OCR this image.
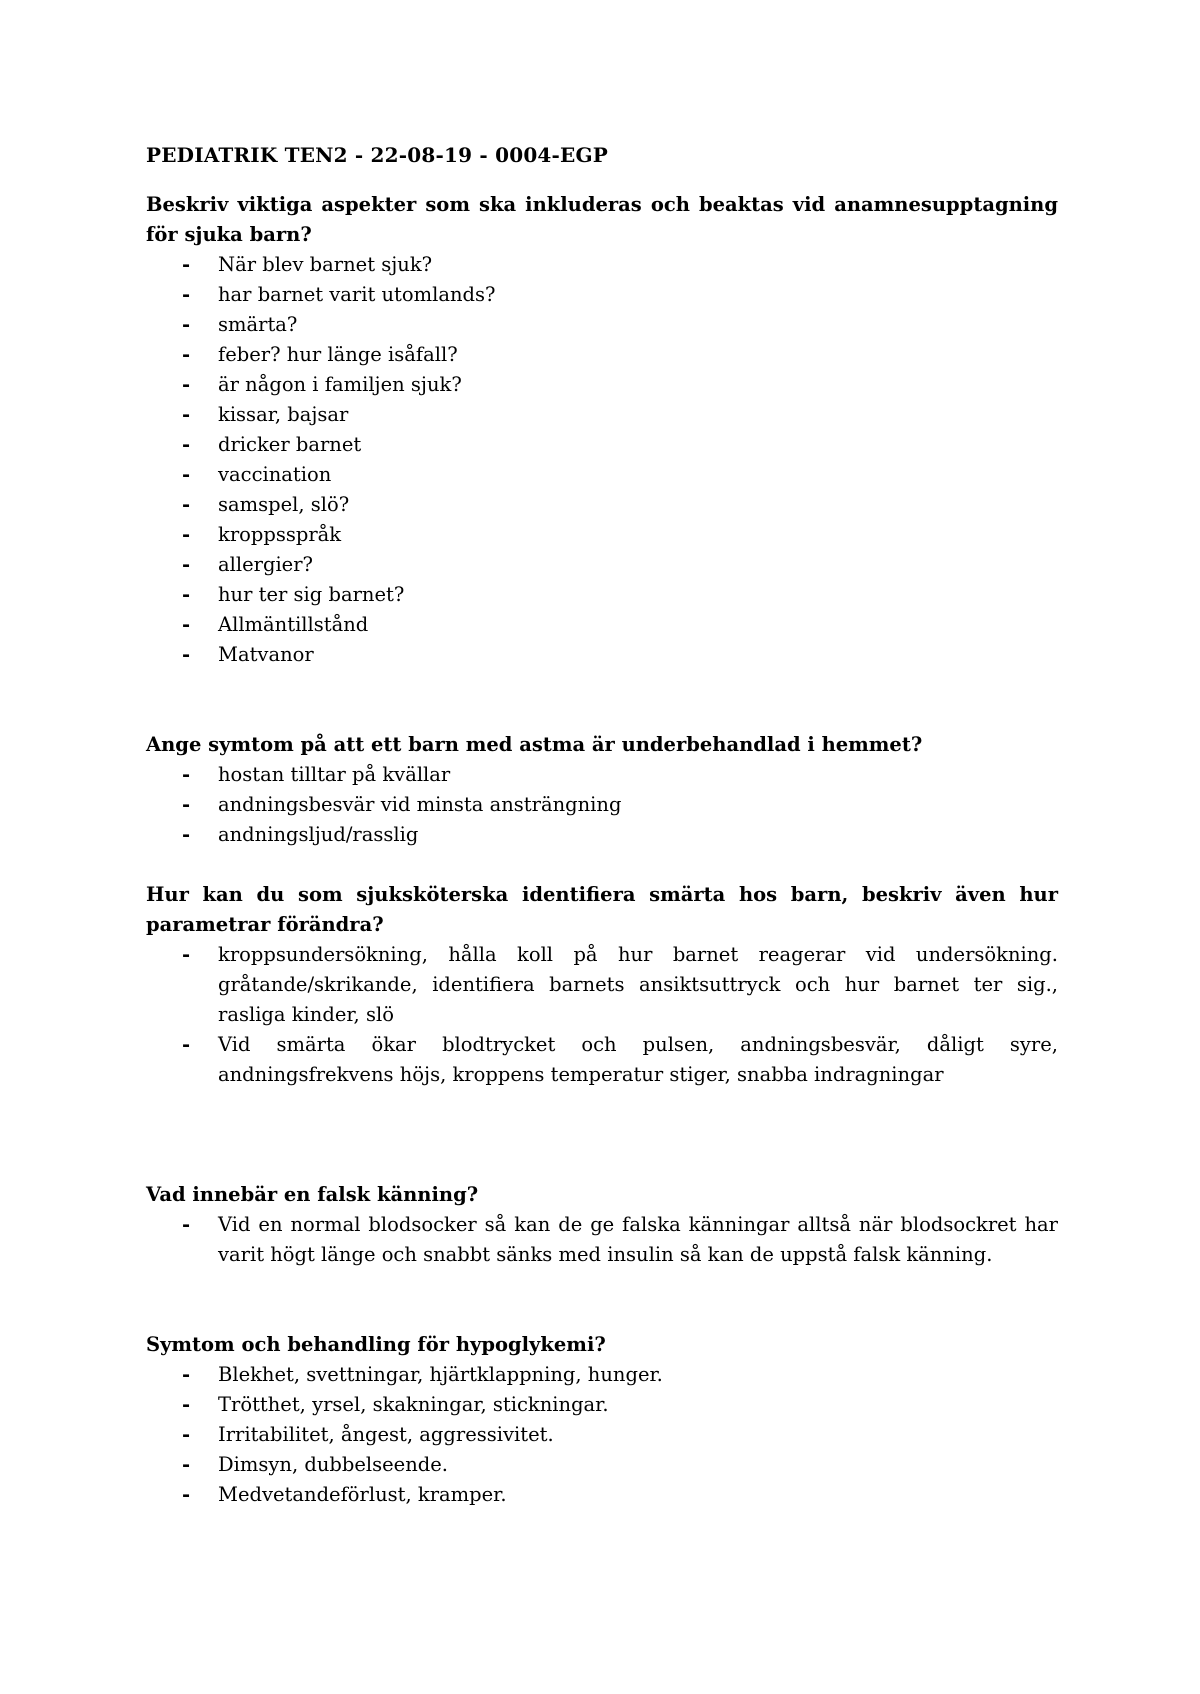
PEDIATRIK TEN2 - 22-08-19 - 0004-EGP

Beskriv viktiga aspekter som ska inkluderas och beaktas vid anamnesupptagning för sjuka barn?

- När blev barnet sjuk?
- har barnet varit utomlands?
- smärta?
- feber? hur länge isåfall?
- är någon i familjen sjuk?
- kissar, bajsar
- dricker barnet
- vaccination
- samspel, slö?
- kroppsspråk
- allergier?
- hur ter sig barnet?
- Allmäntillstånd
- Matvanor

Ange symtom på att ett barn med astma är underbehandlad i hemmet?

- hostan tilltar på kvällar
- andningsbesvär vid minsta ansträngning
- andningsljud/rasslig

Hur kan du som sjuksköterska identifiera smärta hos barn, beskriv även hur parametrar förändra?

- kroppsundersökning, hålla koll på hur barnet reagerar vid undersökning. gråtande/skrikande, identifiera barnets ansiktsuttryck och hur barnet ter sig., rasliga kinder, slö
- Vid smärta ökar blodtrycket och pulsen, andningsbesvär, dåligt syre, andningsfrekvens höjs, kroppens temperatur stiger, snabba indragningar

Vad innebär en falsk känning?

- Vid en normal blodsocker så kan de ge falska känningar alltså när blodsockret har varit högt länge och snabbt sänks med insulin så kan de uppstå falsk känning.

Symtom och behandling för hypoglykemi?

- Blekhet, svettningar, hjärtklappning, hunger.
- Trötthet, yrsel, skakningar, stickningar.
- Irritabilitet, ångest, aggressivitet.
- Dimsyn, dubbelseende.
- Medvetandeförlust, kramper.
